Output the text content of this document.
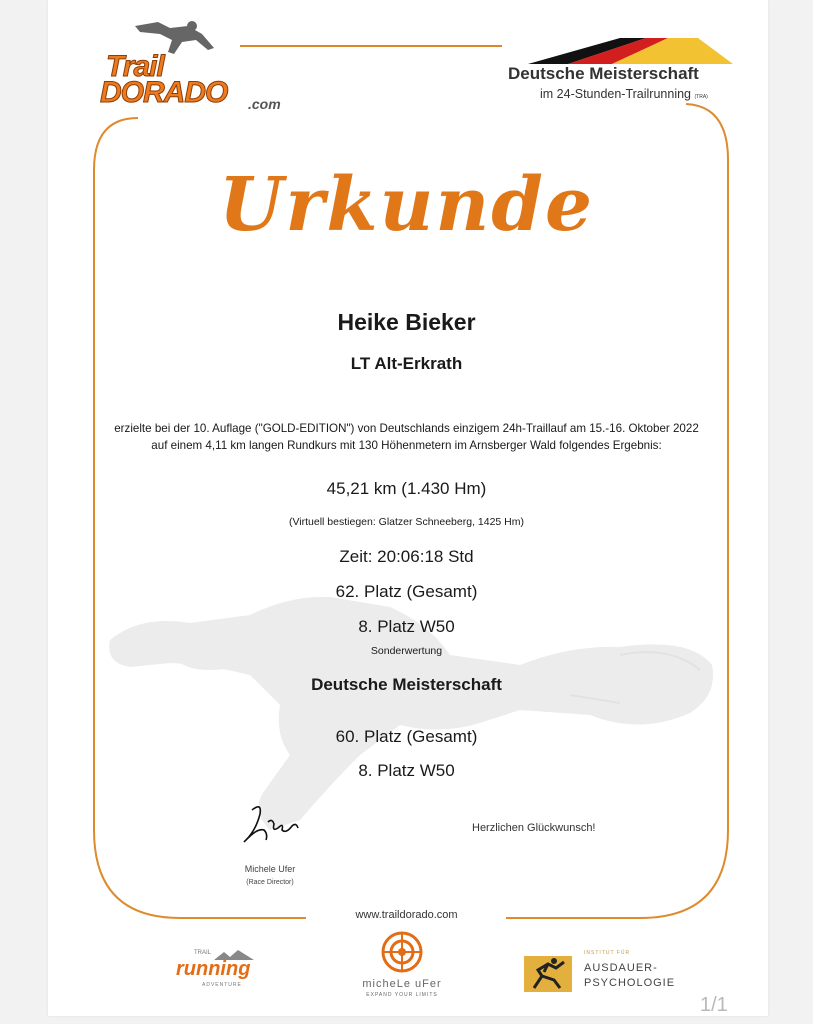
Trail
DORADO .com
Deutsche Meisterschaft
im 24-Stunden-Trailrunning (TRA)
Urkunde
Heike Bieker
LT Alt-Erkrath
erzielte bei der 10. Auflage ("GOLD-EDITION") von Deutschlands einzigem 24h-Traillauf am 15.-16. Oktober 2022
auf einem 4,11 km langen Rundkurs mit 130 Höhenmetern im Arnsberger Wald folgendes Ergebnis:
45,21 km (1.430 Hm)
(Virtuell bestiegen: Glatzer Schneeberg, 1425 Hm)
Zeit: 20:06:18 Std
62. Platz (Gesamt)
8. Platz W50
Sonderwertung
Deutsche Meisterschaft
60. Platz (Gesamt)
8. Platz W50
Michele Ufer
(Race Director)
Herzlichen Glückwunsch!
www.traildorado.com
TRAIL
running
ADVENTURE	micheLe uFer
EXPAND YOUR LIMITS
INSTITUT FÜR
AUSDAUER-
PSYCHOLOGIE
1/1
